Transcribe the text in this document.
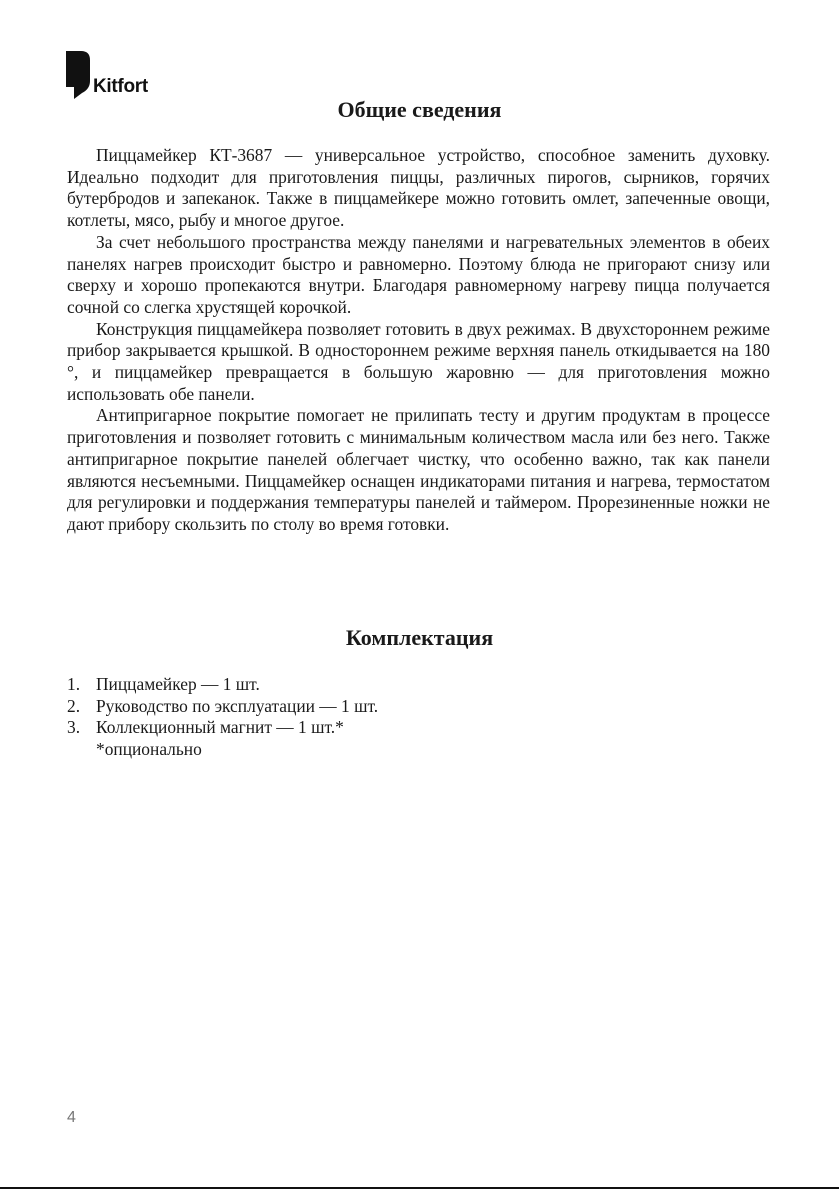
Kitfort
Общие сведения

Пиццамейкер КТ-3687 — универсальное устройство, способное заменить духовку. Идеально подходит для приготовления пиццы, различных пирогов, сырников, горячих бутербродов и запеканок. Также в пиццамейкере можно готовить омлет, запеченные овощи, котлеты, мясо, рыбу и многое другое.

За счет небольшого пространства между панелями и нагревательных элементов в обеих панелях нагрев происходит быстро и равномерно. Поэтому блюда не пригорают снизу или сверху и хорошо пропекаются внутри. Благодаря равномерному нагреву пицца получается сочной со слегка хрустящей корочкой.

Конструкция пиццамейкера позволяет готовить в двух режимах. В двухстороннем режиме прибор закрывается крышкой. В одностороннем режиме верхняя панель откидывается на 180 °, и пиццамейкер превращается в большую жаровню — для приготовления можно использовать обе панели.

Антипригарное покрытие помогает не прилипать тесту и другим продуктам в процессе приготовления и позволяет готовить с минимальным количеством масла или без него. Также антипригарное покрытие панелей облегчает чистку, что особенно важно, так как панели являются несъемными. Пиццамейкер оснащен индикаторами питания и нагрева, термостатом для регулировки и поддержания температуры панелей и таймером. Прорезиненные ножки не дают прибору скользить по столу во время готовки.

Комплектация
1. Пиццамейкер — 1 шт.
2. Руководство по эксплуатации — 1 шт.
3. Коллекционный магнит — 1 шт.*
*опционально
4
